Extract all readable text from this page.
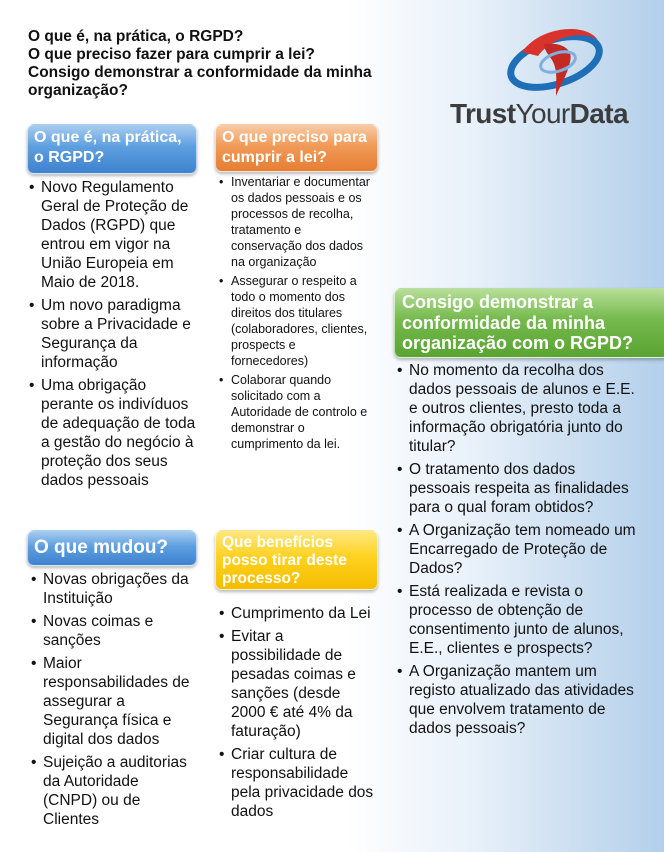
O que é, na prática, o RGPD?
O que preciso fazer para cumprir a lei?
Consigo demonstrar a conformidade da minha
organização?
TrustYourData
O que é, na prática, o RGPD?
• Novo Regulamento Geral de Proteção de Dados (RGPD) que entrou em vigor na União Europeia em Maio de 2018.
• Um novo paradigma sobre a Privacidade e Segurança da informação
• Uma obrigação perante os indivíduos de adequação de toda a gestão do negócio à proteção dos seus dados pessoais
O que preciso para cumprir a lei?
• Inventariar e documentar os dados pessoais e os processos de recolha, tratamento e conservação dos dados na organização
• Assegurar o respeito a todo o momento dos direitos dos titulares (colaboradores, clientes, prospects e fornecedores)
• Colaborar quando solicitado com a Autoridade de controlo e demonstrar o cumprimento da lei.
Consigo demonstrar a conformidade da minha organização com o RGPD?
• No momento da recolha dos dados pessoais de alunos e E.E. e outros clientes, presto toda a informação obrigatória junto do titular?
• O tratamento dos dados pessoais respeita as finalidades para o qual foram obtidos?
• A Organização tem nomeado um Encarregado de Proteção de Dados?
• Está realizada e revista o processo de obtenção de consentimento junto de alunos, E.E., clientes e prospects?
• A Organização mantem um registo atualizado das atividades que envolvem tratamento de dados pessoais?
O que mudou?
• Novas obrigações da Instituição
• Novas coimas e sanções
• Maior responsabilidades de assegurar a Segurança física e digital dos dados
• Sujeição a auditorias da Autoridade (CNPD) ou de Clientes
Que benefícios posso tirar deste processo?
• Cumprimento da Lei
• Evitar a possibilidade de pesadas coimas e sanções (desde 2000 € até 4% da faturação)
• Criar cultura de responsabilidade pela privacidade dos dados
